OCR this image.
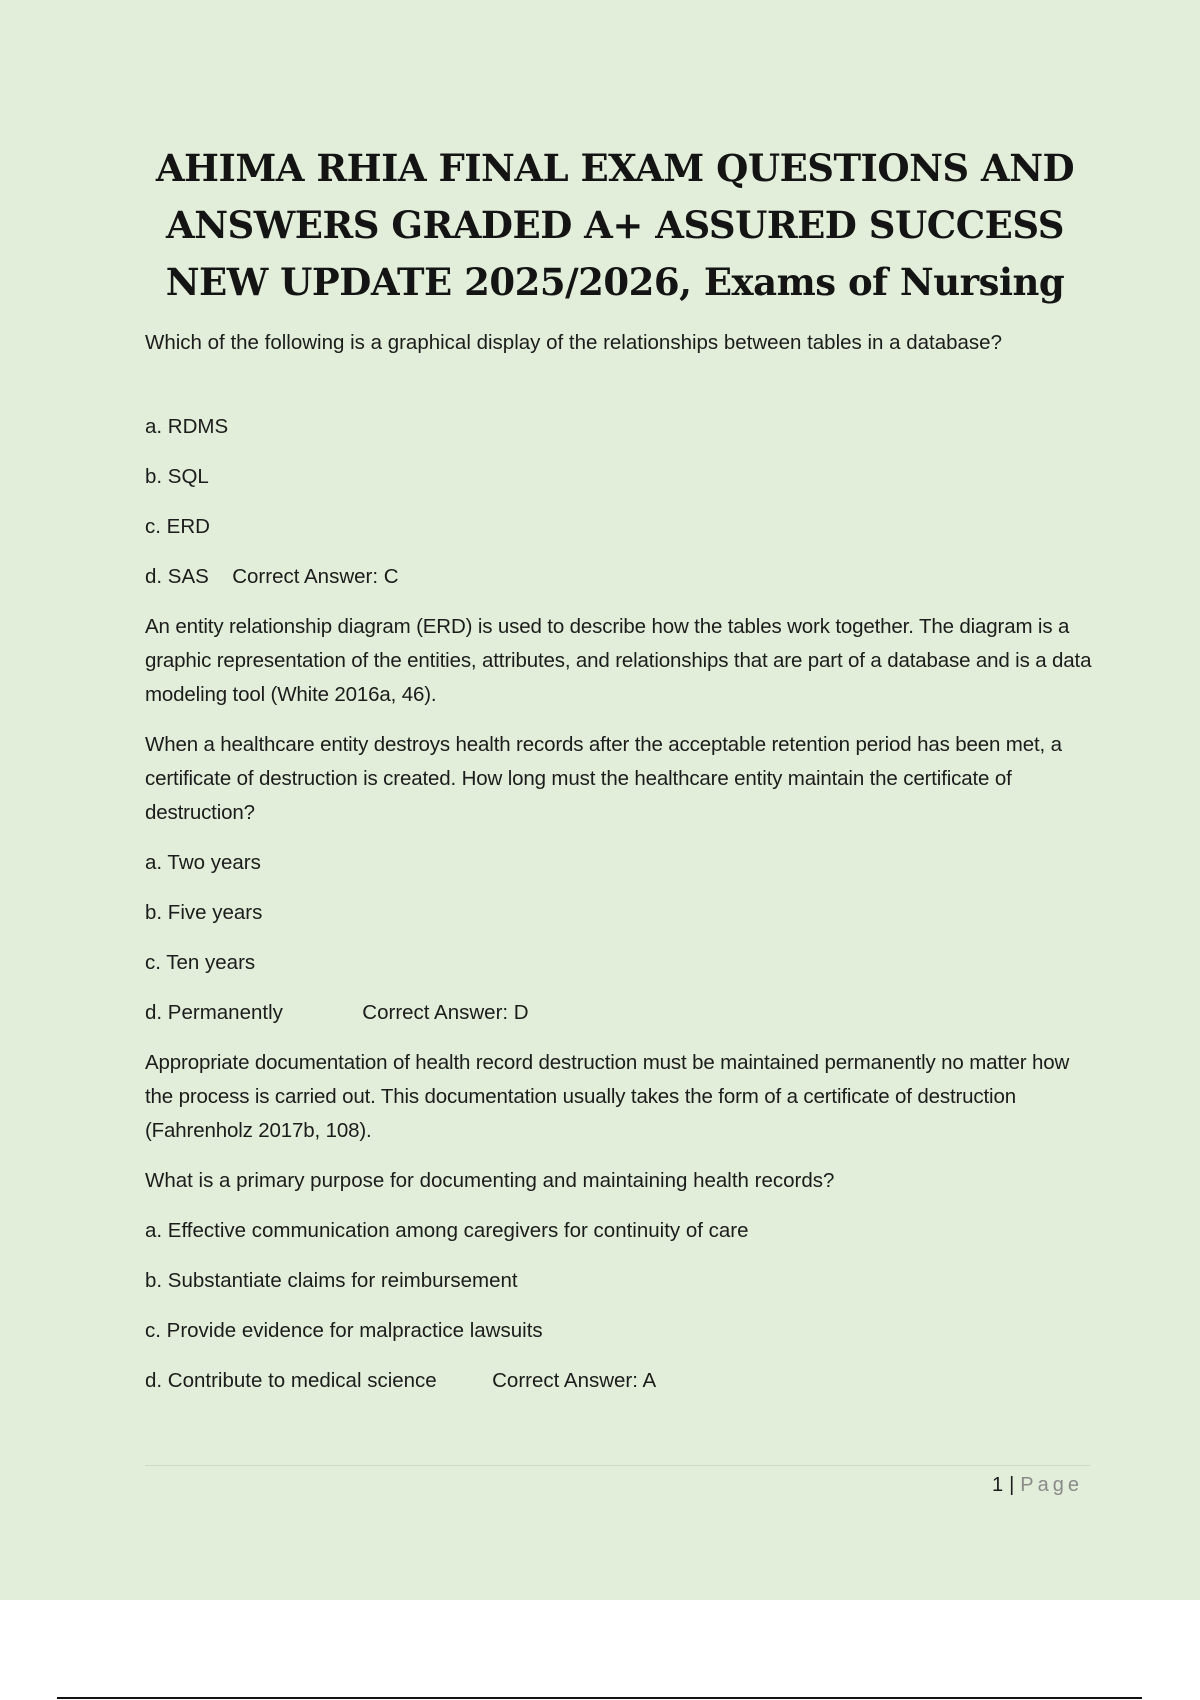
AHIMA RHIA FINAL EXAM QUESTIONS AND ANSWERS GRADED A+ ASSURED SUCCESS NEW UPDATE 2025/2026, Exams of Nursing

Which of the following is a graphical display of the relationships between tables in a database?

a. RDMS

b. SQL

c. ERD

d. SAS Correct Answer: C

An entity relationship diagram (ERD) is used to describe how the tables work together. The diagram is a graphic representation of the entities, attributes, and relationships that are part of a database and is a data modeling tool (White 2016a, 46).

When a healthcare entity destroys health records after the acceptable retention period has been met, a certificate of destruction is created. How long must the healthcare entity maintain the certificate of destruction?

a. Two years

b. Five years

c. Ten years

d. Permanently	Correct Answer: D

Appropriate documentation of health record destruction must be maintained permanently no matter how the process is carried out. This documentation usually takes the form of a certificate of destruction (Fahrenholz 2017b, 108).

What is a primary purpose for documenting and maintaining health records?

a. Effective communication among caregivers for continuity of care

b. Substantiate claims for reimbursement

c. Provide evidence for malpractice lawsuits

d. Contribute to medical science	Correct Answer: A

1 | Page
